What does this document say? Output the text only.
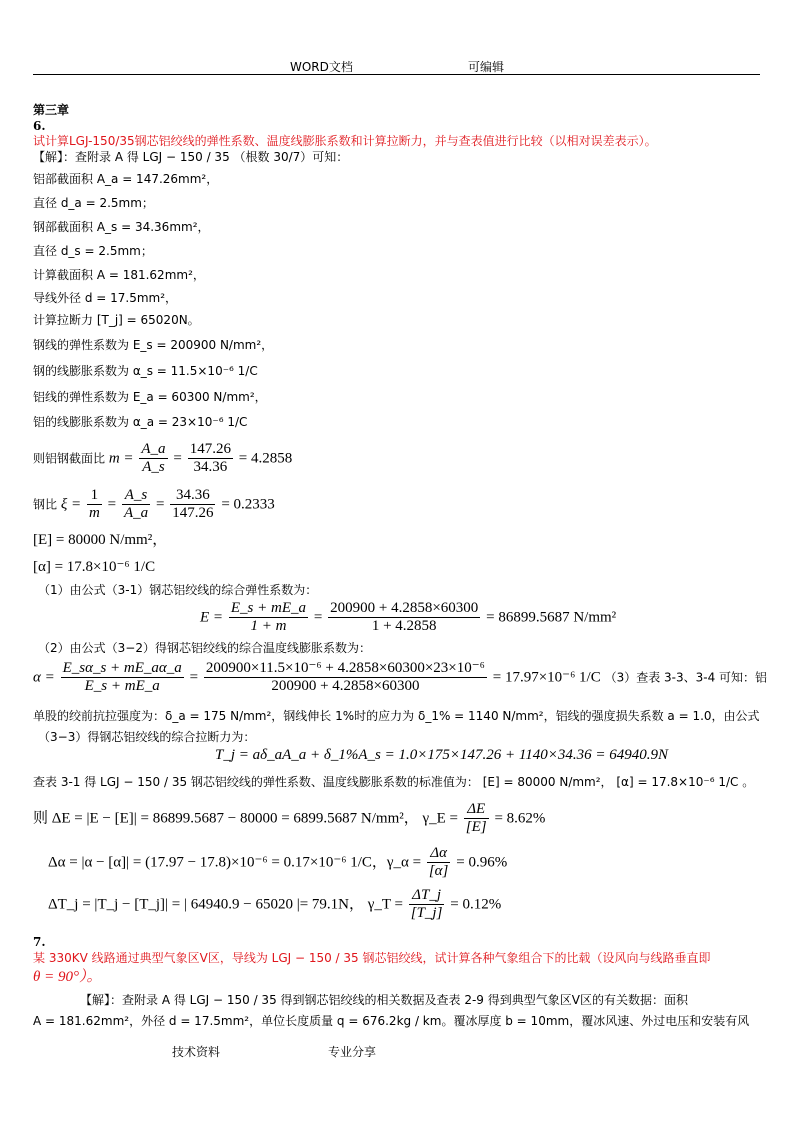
WORD文档	可编辑
第三章
6.
试计算LGJ-150/35钢芯铝绞线的弹性系数、温度线膨胀系数和计算拉断力，并与查表值进行比较（以相对误差表示）。
【解】：查附录 A 得 LGJ − 150 / 35 （根数 30/7）可知：
铝部截面积 A_a = 147.26mm²，
直径 d_a = 2.5mm；
钢部截面积 A_s = 34.36mm²，
直径 d_s = 2.5mm；
计算截面积 A = 181.62mm²，
导线外径 d = 17.5mm²，
计算拉断力 [T_j] = 65020N。
钢线的弹性系数为 E_s = 200900 N/mm²，
钢的线膨胀系数为 α_s = 11.5×10⁻⁶ 1/C
铝线的弹性系数为 E_a = 60300 N/mm²，
铝的线膨胀系数为 α_a = 23×10⁻⁶ 1/C
则铝钢截面比 $m = \frac{A\_a}{A\_s} = \frac{147.26}{34.36} = 4.2858$
钢比 $\xi = \frac{1}{m} = \frac{A\_s}{A\_a} = \frac{34.36}{147.26} = 0.2333$
[E] = 80000 N/mm²，
[α] = 17.8×10⁻⁶ 1/C
（1）由公式（3-1）钢芯铝绞线的综合弹性系数为：
$E = \frac{E\_s + mE\_a}{1 + m} = \frac{200900 + 4.2858\times 60300}{1 + 4.2858} = 86899.5687$ N/mm²
（2）由公式（3−2）得钢芯铝绞线的综合温度线膨胀系数为：
$\alpha = \frac{E\_s\alpha\_s + mE\_a\alpha\_a}{E\_s + mE\_a} = \frac{\text{200900×11.5×10⁻⁶ + 4.2858×60300×23×10⁻⁶}}{200900 + 4.2858\times 60300} = 17.97\times 10^{-6}$ 1/C （3）查表 3-3、3-4 可知：铝
单股的绞前抗拉强度为：δ_a = 175 N/mm²，钢线伸长 1%时的应力为 δ_1% = 1140 N/mm²，铝线的强度损失系数 a = 1.0，由公式
（3−3）得钢芯铝绞线的综合拉断力为：
T_j = aδ_aA_a + δ_1%A_s = 1.0×175×147.26 + 1140×34.36 = 64940.9N
查表 3-1 得 LGJ − 150 / 35 钢芯铝绞线的弹性系数、温度线膨胀系数的标准值为： [E] = 80000 N/mm²， [α] = 17.8×10⁻⁶ 1/C 。
则 ΔE = |E − [E]| = 86899.5687 − 80000 = 6899.5687 N/mm²， γ_E = $\frac{\Delta E}{[E]} = 8.62\%$
Δα = |α − [α]| = (17.97 − 17.8)×10⁻⁶ = 0.17×10⁻⁶ 1/C，γ_α = $\frac{\Delta\alpha}{[\alpha]} = 0.96\%$
ΔT_j = |T_j − [T_j]| = | 64940.9 − 65020 |= 79.1N， γ_T = $\frac{\Delta T\_j}{[T\_j]} = 0.12\%$
7.
某 330KV 线路通过典型气象区Ⅴ区，导线为 LGJ − 150 / 35 钢芯铝绞线，试计算各种气象组合下的比载（设风向与线路垂直即
θ = 90°）。
【解】：查附录 A 得 LGJ − 150 / 35 得到钢芯铝绞线的相关数据及查表 2-9 得到典型气象区Ⅴ区的有关数据：面积
A = 181.62mm²，外径 d = 17.5mm²，单位长度质量 q = 676.2kg / km。覆冰厚度 b = 10mm，覆冰风速、外过电压和安装有风
技术资料	专业分享
